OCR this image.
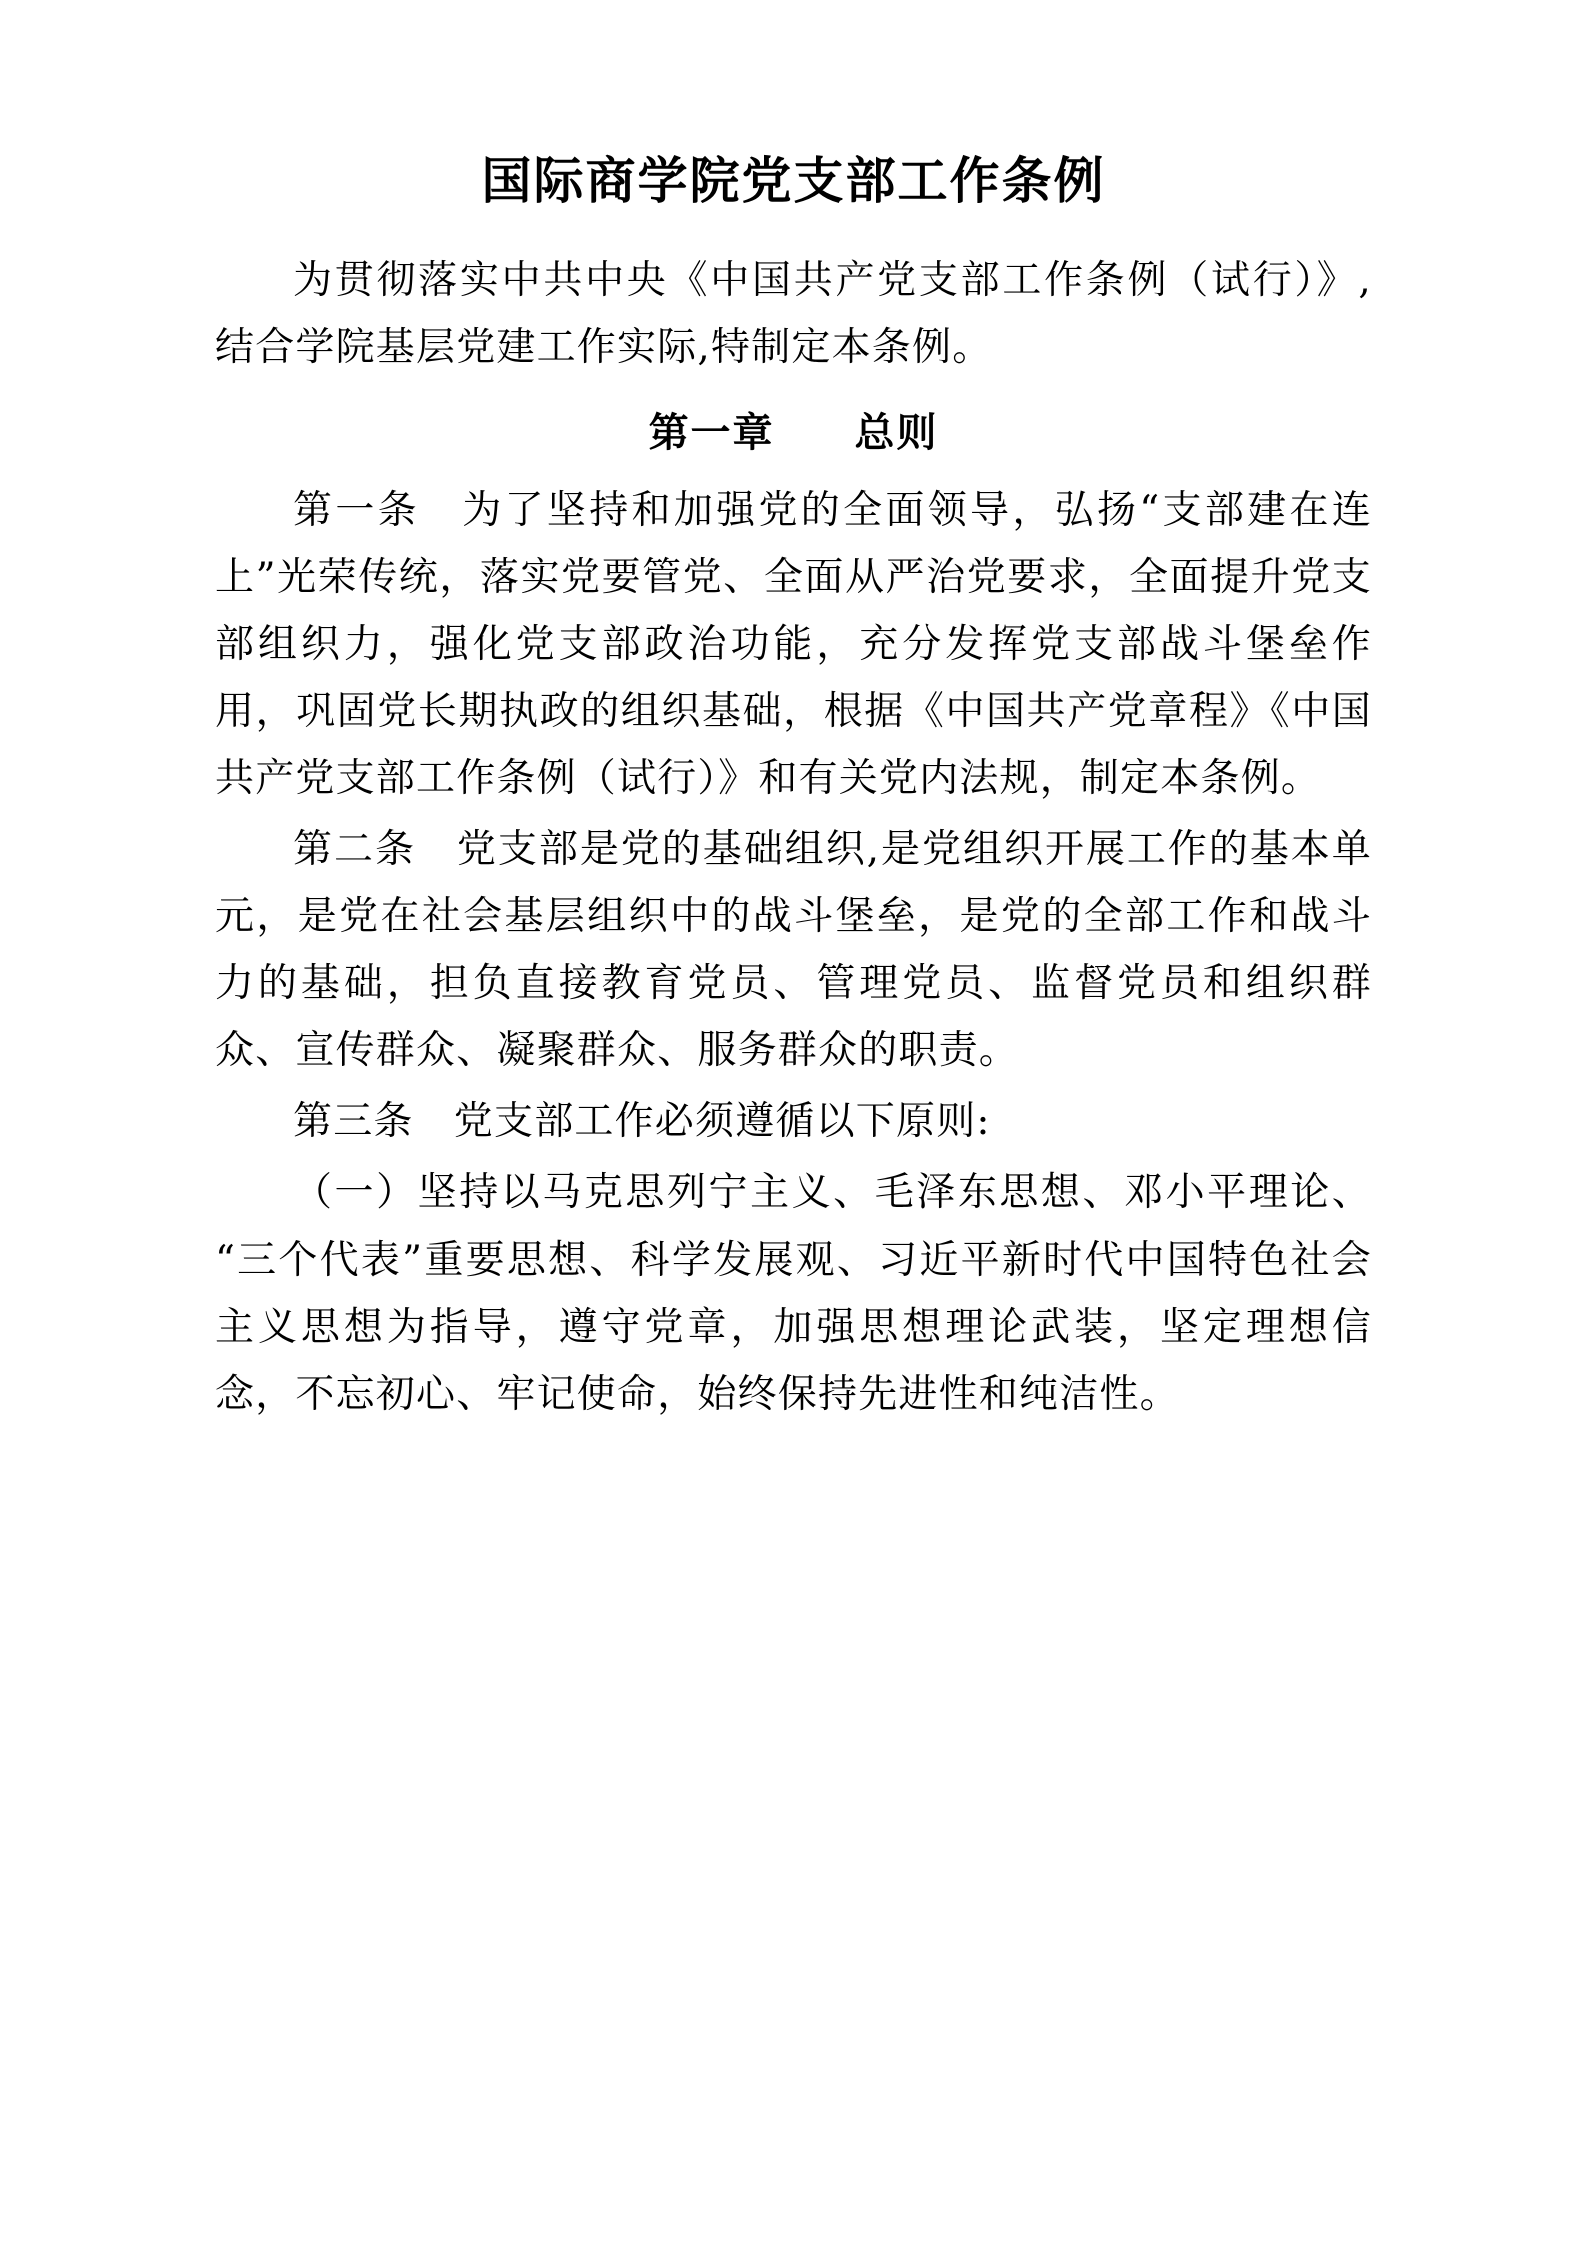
国际商学院党支部工作条例

为贯彻落实中共中央《中国共产党支部工作条例（试行）》,结合学院基层党建工作实际,特制定本条例。

第一章 总则

第一条　为了坚持和加强党的全面领导，弘扬“支部建在连上”光荣传统，落实党要管党、全面从严治党要求，全面提升党支部组织力，强化党支部政治功能，充分发挥党支部战斗堡垒作用，巩固党长期执政的组织基础，根据《中国共产党章程》《中国共产党支部工作条例（试行）》和有关党内法规，制定本条例。

第二条　党支部是党的基础组织,是党组织开展工作的基本单元，是党在社会基层组织中的战斗堡垒，是党的全部工作和战斗力的基础，担负直接教育党员、管理党员、监督党员和组织群众、宣传群众、凝聚群众、服务群众的职责。

第三条　党支部工作必须遵循以下原则:

（一）坚持以马克思列宁主义、毛泽东思想、邓小平理论、“三个代表”重要思想、科学发展观、习近平新时代中国特色社会主义思想为指导，遵守党章，加强思想理论武装，坚定理想信念，不忘初心、牢记使命，始终保持先进性和纯洁性。
